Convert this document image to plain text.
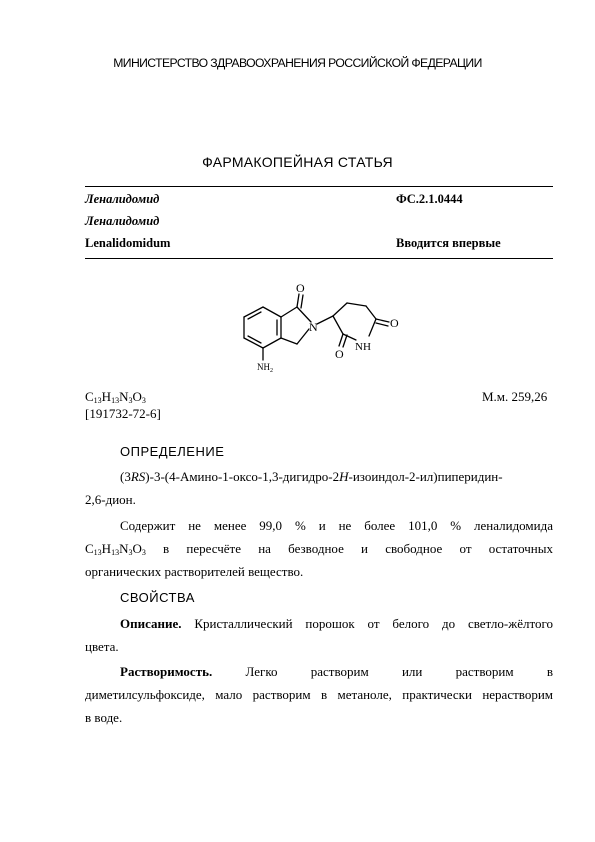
МИНИСТЕРСТВО ЗДРАВООХРАНЕНИЯ РОССИЙСКОЙ ФЕДЕРАЦИИ
ФАРМАКОПЕЙНАЯ СТАТЬЯ
Леналидомид	ФС.2.1.0444
Леналидомид
Lenalidomidum	Вводится впервые
O
N	O
O NH
$NH_2$
$C_{13}H_{13}N_3O_3$	М.м. 259,26
[191732-72-6]
ОПРЕДЕЛЕНИЕ
(3RS)-3-(4-Амино-1-оксо-1,3-дигидро-2H-изоиндол-2-ил)пиперидин-
2,6-дион.
Содержит не менее 99,0 % и не более 101,0 % леналидомида
$C_{13}H_{13}N_3O_3$ в пересчёте на безводное и свободное от остаточных
органических растворителей вещество.
СВОЙСТВА
Описание. Кристаллический порошок от белого до светло-жёлтого
цвета.
Растворимость. Легко растворим или растворим в
диметилсульфоксиде, мало растворим в метаноле, практически нерастворим
в воде.
